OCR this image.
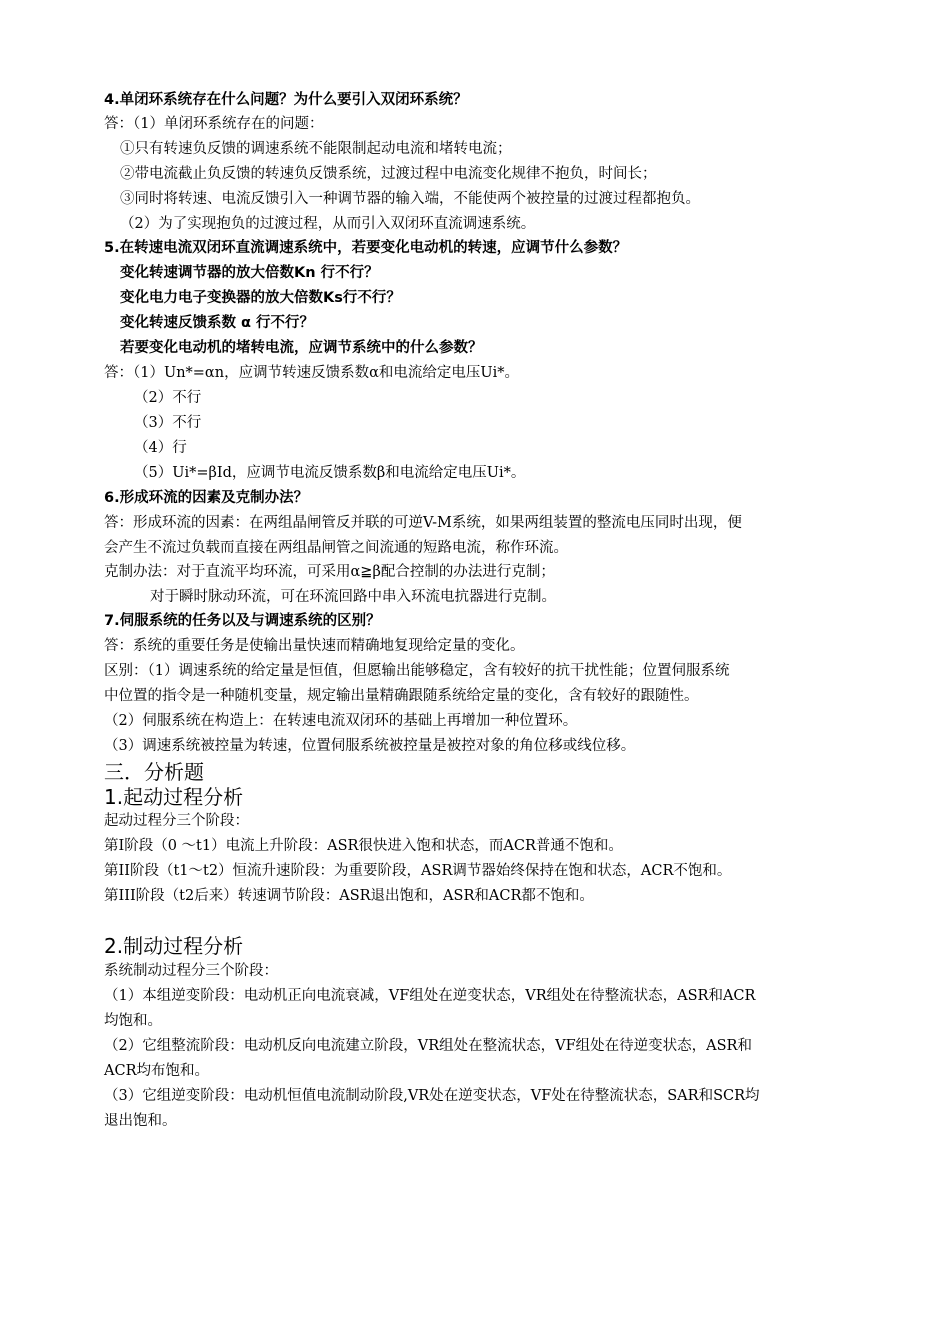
4.单闭环系统存在什么问题？为什么要引入双闭环系统？
答：（1）单闭环系统存在的问题：
①只有转速负反馈的调速系统不能限制起动电流和堵转电流；
②带电流截止负反馈的转速负反馈系统，过渡过程中电流变化规律不抱负，时间长；
③同时将转速、电流反馈引入一种调节器的输入端，不能使两个被控量的过渡过程都抱负。
（2）为了实现抱负的过渡过程，从而引入双闭环直流调速系统。
5.在转速电流双闭环直流调速系统中，若要变化电动机的转速，应调节什么参数？
变化转速调节器的放大倍数Kn 行不行？
变化电力电子变换器的放大倍数Ks行不行？
变化转速反馈系数 α 行不行？
若要变化电动机的堵转电流，应调节系统中的什么参数？
答：（1）Un*=αn，应调节转速反馈系数α和电流给定电压Ui*。
（2）不行
（3）不行
（4）行
（5）Ui*=βId，应调节电流反馈系数β和电流给定电压Ui*。
6.形成环流的因素及克制办法？
答：形成环流的因素：在两组晶闸管反并联的可逆V-M系统，如果两组装置的整流电压同时出现，便
会产生不流过负载而直接在两组晶闸管之间流通的短路电流，称作环流。
克制办法：对于直流平均环流，可采用α≧β配合控制的办法进行克制；
对于瞬时脉动环流，可在环流回路中串入环流电抗器进行克制。
7.伺服系统的任务以及与调速系统的区别？
答：系统的重要任务是使输出量快速而精确地复现给定量的变化。
区别：（1）调速系统的给定量是恒值，但愿输出能够稳定，含有较好的抗干扰性能；位置伺服系统
中位置的指令是一种随机变量，规定输出量精确跟随系统给定量的变化，含有较好的跟随性。
（2）伺服系统在构造上：在转速电流双闭环的基础上再增加一种位置环。
（3）调速系统被控量为转速，位置伺服系统被控量是被控对象的角位移或线位移。
三．分析题
1.起动过程分析
起动过程分三个阶段：
第I阶段（0 ～t1）电流上升阶段：ASR很快进入饱和状态，而ACR普通不饱和。
第II阶段（t1～t2）恒流升速阶段：为重要阶段，ASR调节器始终保持在饱和状态，ACR不饱和。
第III阶段（t2后来）转速调节阶段：ASR退出饱和，ASR和ACR都不饱和。
2.制动过程分析
系统制动过程分三个阶段：
（1）本组逆变阶段：电动机正向电流衰减，VF组处在逆变状态，VR组处在待整流状态，ASR和ACR
均饱和。
（2）它组整流阶段：电动机反向电流建立阶段，VR组处在整流状态，VF组处在待逆变状态，ASR和
ACR均布饱和。
（3）它组逆变阶段：电动机恒值电流制动阶段,VR处在逆变状态，VF处在待整流状态，SAR和SCR均
退出饱和。
